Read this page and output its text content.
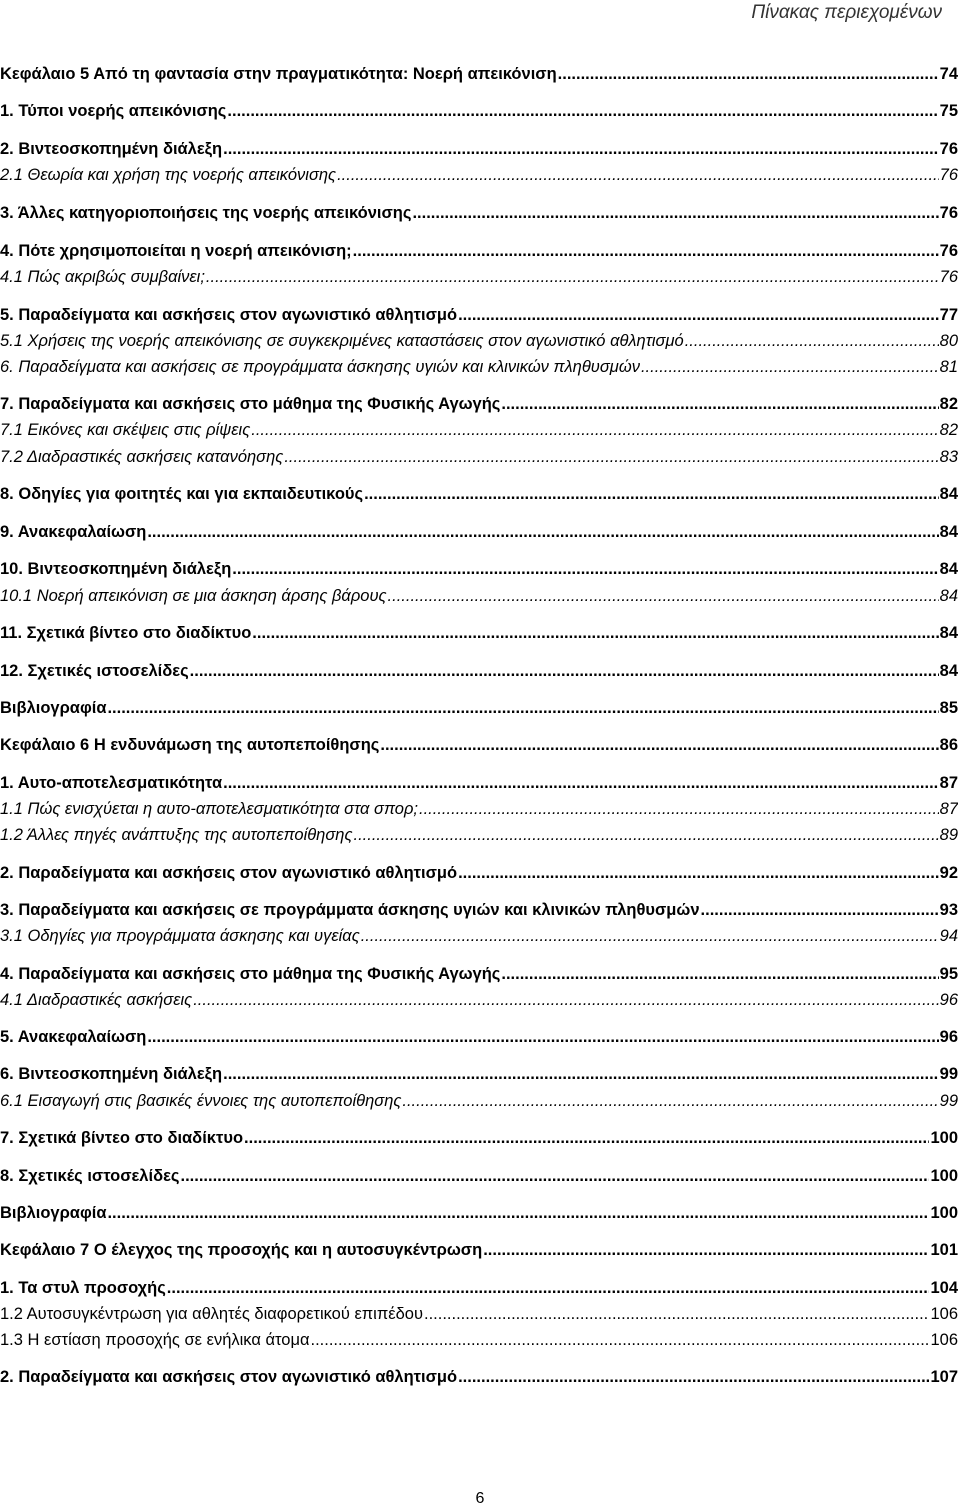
Πίνακας περιεχομένων
Κεφάλαιο 5 Από τη φαντασία στην πραγματικότητα: Νοερή απεικόνιση .....	74
1. Τύποι νοερής απεικόνισης .....	75
2. Βιντεοσκοπημένη διάλεξη .....	76
2.1 Θεωρία και χρήση της νοερής απεικόνισης .....	76
3. Άλλες κατηγοριοποιήσεις της νοερής απεικόνισης .....	76
4. Πότε χρησιμοποιείται η νοερή απεικόνιση; .....	76
4.1 Πώς ακριβώς συμβαίνει; .....	76
5. Παραδείγματα και ασκήσεις στον αγωνιστικό αθλητισμό .....	77
5.1 Χρήσεις της νοερής απεικόνισης σε συγκεκριμένες καταστάσεις στον αγωνιστικό αθλητισμό .....	80
6. Παραδείγματα και ασκήσεις σε προγράμματα άσκησης υγιών και κλινικών πληθυσμών .....	81
7. Παραδείγματα και ασκήσεις στο μάθημα της Φυσικής Αγωγής .....	82
7.1 Εικόνες και σκέψεις στις ρίψεις .....	82
7.2 Διαδραστικές ασκήσεις κατανόησης .....	83
8. Οδηγίες για φοιτητές και για εκπαιδευτικούς .....	84
9. Ανακεφαλαίωση .....	84
10. Βιντεοσκοπημένη διάλεξη .....	84
10.1 Νοερή απεικόνιση σε μια άσκηση άρσης βάρους .....	84
11. Σχετικά βίντεο στο διαδίκτυο .....	84
12. Σχετικές ιστοσελίδες .....	84
Βιβλιογραφία .....	85
Κεφάλαιο 6 Η ενδυνάμωση της αυτοπεποίθησης .....	86
1. Αυτο-αποτελεσματικότητα .....	87
1.1 Πώς ενισχύεται η αυτο-αποτελεσματικότητα στα σπορ; .....	87
1.2 Άλλες πηγές ανάπτυξης της αυτοπεποίθησης .....	89
2. Παραδείγματα και ασκήσεις στον αγωνιστικό αθλητισμό .....	92
3. Παραδείγματα και ασκήσεις σε προγράμματα άσκησης υγιών και κλινικών πληθυσμών .....	93
3.1 Οδηγίες για προγράμματα άσκησης και υγείας .....	94
4. Παραδείγματα και ασκήσεις στο μάθημα της Φυσικής Αγωγής .....	95
4.1 Διαδραστικές ασκήσεις .....	96
5. Ανακεφαλαίωση .....	96
6. Βιντεοσκοπημένη διάλεξη .....	99
6.1 Εισαγωγή στις βασικές έννοιες της αυτοπεποίθησης .....	99
7. Σχετικά βίντεο στο διαδίκτυο .....	100
8. Σχετικές ιστοσελίδες .....	100
Βιβλιογραφία .....	100
Κεφάλαιο 7 Ο έλεγχος της προσοχής και η αυτοσυγκέντρωση .....	101
1. Τα στυλ προσοχής .....	104
1.2 Αυτοσυγκέντρωση για αθλητές διαφορετικού επιπέδου .....	106
1.3 Η εστίαση προσοχής σε ενήλικα άτομα .....	106
2. Παραδείγματα και ασκήσεις στον αγωνιστικό αθλητισμό .....	107
6
